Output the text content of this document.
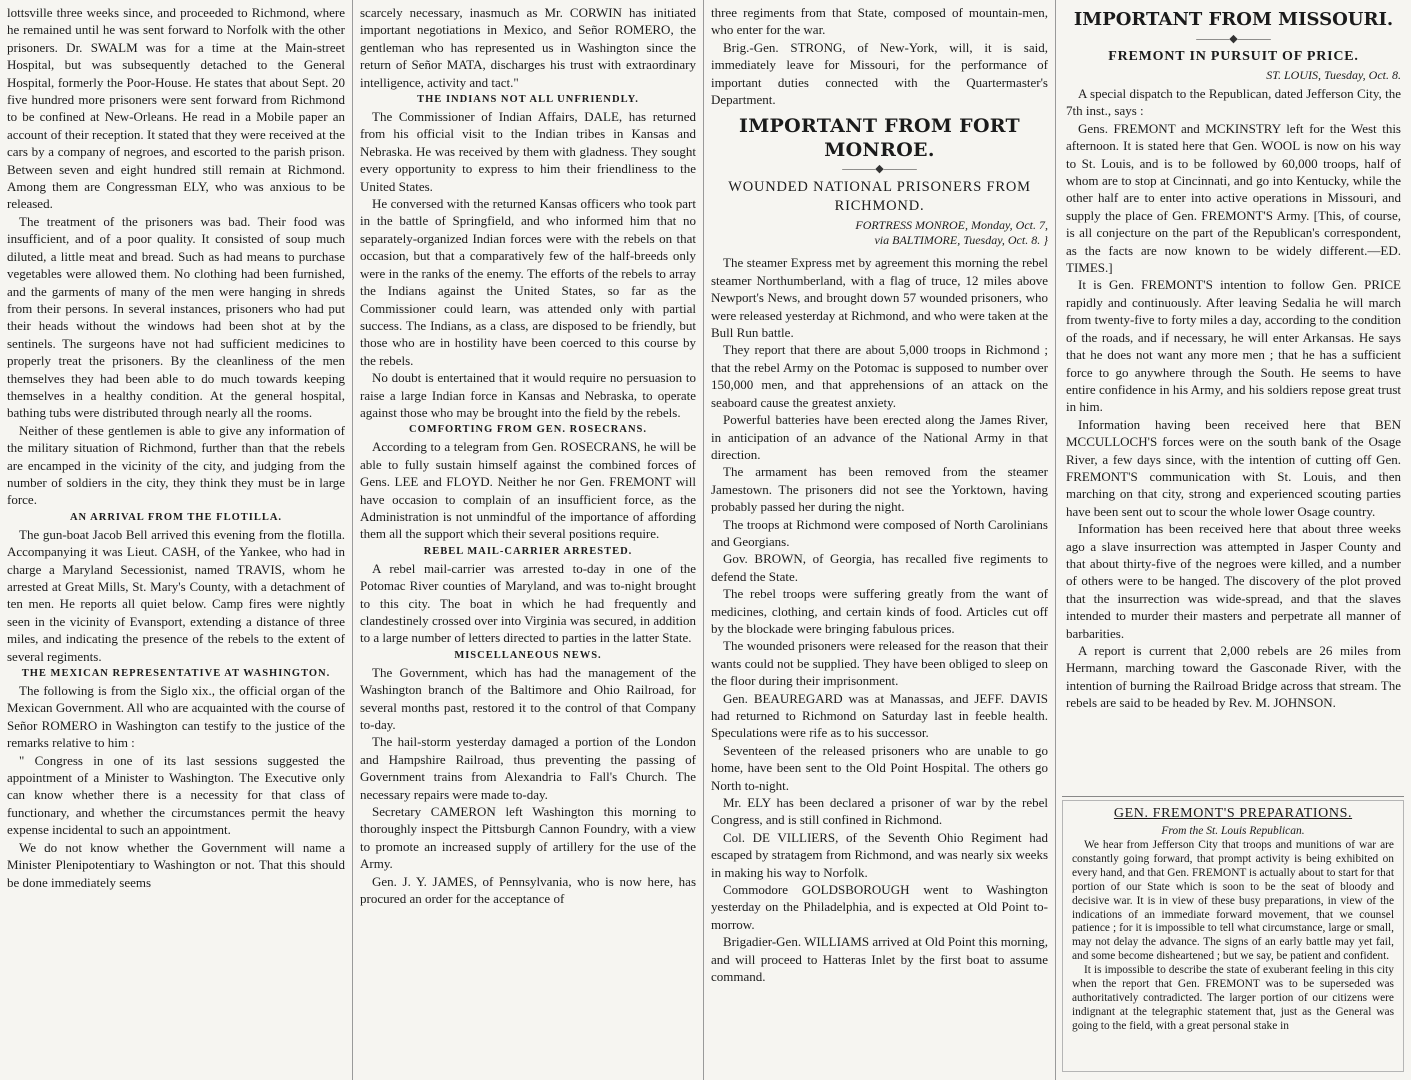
lottsville three weeks since, and proceeded to Richmond, where he remained until he was sent forward to Norfolk with the other prisoners. Dr. SWALM was for a time at the Main-street Hospital, but was subsequently detached to the General Hospital, formerly the Poor-House. He states that about Sept. 20 five hundred more prisoners were sent forward from Richmond to be confined at New-Orleans. He read in a Mobile paper an account of their reception. It stated that they were received at the cars by a company of negroes, and escorted to the parish prison. Between seven and eight hundred still remain at Richmond. Among them are Congressman ELY, who was anxious to be released.

The treatment of the prisoners was bad. Their food was insufficient, and of a poor quality. It consisted of soup much diluted, a little meat and bread. Such as had means to purchase vegetables were allowed them. No clothing had been furnished, and the garments of many of the men were hanging in shreds from their persons. In several instances, prisoners who had put their heads without the windows had been shot at by the sentinels. The surgeons have not had sufficient medicines to properly treat the prisoners. By the cleanliness of the men themselves they had been able to do much towards keeping themselves in a healthy condition. At the general hospital, bathing tubs were distributed through nearly all the rooms.

Neither of these gentlemen is able to give any information of the military situation of Richmond, further than that the rebels are encamped in the vicinity of the city, and judging from the number of soldiers in the city, they think they must be in large force.

AN ARRIVAL FROM THE FLOTILLA.

The gun-boat Jacob Bell arrived this evening from the flotilla. Accompanying it was Lieut. CASH, of the Yankee, who had in charge a Maryland Secessionist, named TRAVIS, whom he arrested at Great Mills, St. Mary's County, with a detachment of ten men. He reports all quiet below. Camp fires were nightly seen in the vicinity of Evansport, extending a distance of three miles, and indicating the presence of the rebels to the extent of several regiments.

THE MEXICAN REPRESENTATIVE AT WASHINGTON.

The following is from the Siglo xix., the official organ of the Mexican Government. All who are acquainted with the course of Señor ROMERO in Washington can testify to the justice of the remarks relative to him :

" Congress in one of its last sessions suggested the appointment of a Minister to Washington. The Executive only can know whether there is a necessity for that class of functionary, and whether the circumstances permit the heavy expense incidental to such an appointment.

We do not know whether the Government will name a Minister Plenipotentiary to Washington or not. That this should be done immediately seems

scarcely necessary, inasmuch as Mr. CORWIN has initiated important negotiations in Mexico, and Señor ROMERO, the gentleman who has represented us in Washington since the return of Señor MATA, discharges his trust with extraordinary intelligence, activity and tact."

THE INDIANS NOT ALL UNFRIENDLY.

The Commissioner of Indian Affairs, DALE, has returned from his official visit to the Indian tribes in Kansas and Nebraska. He was received by them with gladness. They sought every opportunity to express to him their friendliness to the United States.

He conversed with the returned Kansas officers who took part in the battle of Springfield, and who informed him that no separately-organized Indian forces were with the rebels on that occasion, but that a comparatively few of the half-breeds only were in the ranks of the enemy. The efforts of the rebels to array the Indians against the United States, so far as the Commissioner could learn, was attended only with partial success. The Indians, as a class, are disposed to be friendly, but those who are in hostility have been coerced to this course by the rebels.

No doubt is entertained that it would require no persuasion to raise a large Indian force in Kansas and Nebraska, to operate against those who may be brought into the field by the rebels.

COMFORTING FROM GEN. ROSECRANS.

According to a telegram from Gen. ROSECRANS, he will be able to fully sustain himself against the combined forces of Gens. LEE and FLOYD. Neither he nor Gen. FREMONT will have occasion to complain of an insufficient force, as the Administration is not unmindful of the importance of affording them all the support which their several positions require.

REBEL MAIL-CARRIER ARRESTED.

A rebel mail-carrier was arrested to-day in one of the Potomac River counties of Maryland, and was to-night brought to this city. The boat in which he had frequently and clandestinely crossed over into Virginia was secured, in addition to a large number of letters directed to parties in the latter State.

MISCELLANEOUS NEWS.

The Government, which has had the management of the Washington branch of the Baltimore and Ohio Railroad, for several months past, restored it to the control of that Company to-day.

The hail-storm yesterday damaged a portion of the London and Hampshire Railroad, thus preventing the passing of Government trains from Alexandria to Fall's Church. The necessary repairs were made to-day.

Secretary CAMERON left Washington this morning to thoroughly inspect the Pittsburgh Cannon Foundry, with a view to promote an increased supply of artillery for the use of the Army.

Gen. J. Y. JAMES, of Pennsylvania, who is now here, has procured an order for the acceptance of

three regiments from that State, composed of mountain-men, who enter for the war.

Brig.-Gen. STRONG, of New-York, will, it is said, immediately leave for Missouri, for the performance of important duties connected with the Quartermaster's Department.

IMPORTANT FROM FORT MONROE.
———◆———
WOUNDED NATIONAL PRISONERS FROM RICHMOND.
FORTRESS MONROE, Monday, Oct. 7,
via BALTIMORE, Tuesday, Oct. 8. }

The steamer Express met by agreement this morning the rebel steamer Northumberland, with a flag of truce, 12 miles above Newport's News, and brought down 57 wounded prisoners, who were released yesterday at Richmond, and who were taken at the Bull Run battle.

They report that there are about 5,000 troops in Richmond ; that the rebel Army on the Potomac is supposed to number over 150,000 men, and that apprehensions of an attack on the seaboard cause the greatest anxiety.

Powerful batteries have been erected along the James River, in anticipation of an advance of the National Army in that direction.

The armament has been removed from the steamer Jamestown. The prisoners did not see the Yorktown, having probably passed her during the night.

The troops at Richmond were composed of North Carolinians and Georgians.

Gov. BROWN, of Georgia, has recalled five regiments to defend the State.

The rebel troops were suffering greatly from the want of medicines, clothing, and certain kinds of food. Articles cut off by the blockade were bringing fabulous prices.

The wounded prisoners were released for the reason that their wants could not be supplied. They have been obliged to sleep on the floor during their imprisonment.

Gen. BEAUREGARD was at Manassas, and JEFF. DAVIS had returned to Richmond on Saturday last in feeble health. Speculations were rife as to his successor.

Seventeen of the released prisoners who are unable to go home, have been sent to the Old Point Hospital. The others go North to-night.

Mr. ELY has been declared a prisoner of war by the rebel Congress, and is still confined in Richmond.

Col. DE VILLIERS, of the Seventh Ohio Regiment had escaped by stratagem from Richmond, and was nearly six weeks in making his way to Norfolk.

Commodore GOLDSBOROUGH went to Washington yesterday on the Philadelphia, and is expected at Old Point to-morrow.

Brigadier-Gen. WILLIAMS arrived at Old Point this morning, and will proceed to Hatteras Inlet by the first boat to assume command.

IMPORTANT FROM MISSOURI.
———◆———
FREMONT IN PURSUIT OF PRICE.
ST. LOUIS, Tuesday, Oct. 8.

A special dispatch to the Republican, dated Jefferson City, the 7th inst., says :

Gens. FREMONT and MCKINSTRY left for the West this afternoon. It is stated here that Gen. WOOL is now on his way to St. Louis, and is to be followed by 60,000 troops, half of whom are to stop at Cincinnati, and go into Kentucky, while the other half are to enter into active operations in Missouri, and supply the place of Gen. FREMONT'S Army. [This, of course, is all conjecture on the part of the Republican's correspondent, as the facts are now known to be widely different.—ED. TIMES.]

It is Gen. FREMONT'S intention to follow Gen. PRICE rapidly and continuously. After leaving Sedalia he will march from twenty-five to forty miles a day, according to the condition of the roads, and if necessary, he will enter Arkansas. He says that he does not want any more men ; that he has a sufficient force to go anywhere through the South. He seems to have entire confidence in his Army, and his soldiers repose great trust in him.

Information having been received here that BEN MCCULLOCH'S forces were on the south bank of the Osage River, a few days since, with the intention of cutting off Gen. FREMONT'S communication with St. Louis, and then marching on that city, strong and experienced scouting parties have been sent out to scour the whole lower Osage country.

Information has been received here that about three weeks ago a slave insurrection was attempted in Jasper County and that about thirty-five of the negroes were killed, and a number of others were to be hanged. The discovery of the plot proved that the insurrection was wide-spread, and that the slaves intended to murder their masters and perpetrate all manner of barbarities.

A report is current that 2,000 rebels are 26 miles from Hermann, marching toward the Gasconade River, with the intention of burning the Railroad Bridge across that stream. The rebels are said to be headed by Rev. M. JOHNSON.

GEN. FREMONT'S PREPARATIONS.
From the St. Louis Republican.

We hear from Jefferson City that troops and munitions of war are constantly going forward, that prompt activity is being exhibited on every hand, and that Gen. FREMONT is actually about to start for that portion of our State which is soon to be the seat of bloody and decisive war. It is in view of these busy preparations, in view of the indications of an immediate forward movement, that we counsel patience ; for it is impossible to tell what circumstance, large or small, may not delay the advance. The signs of an early battle may yet fail, and some become disheartened ; but we say, be patient and confident.

It is impossible to describe the state of exuberant feeling in this city when the report that Gen. FREMONT was to be superseded was authoritatively contradicted. The larger portion of our citizens were indignant at the telegraphic statement that, just as the General was going to the field, with a great personal stake in
